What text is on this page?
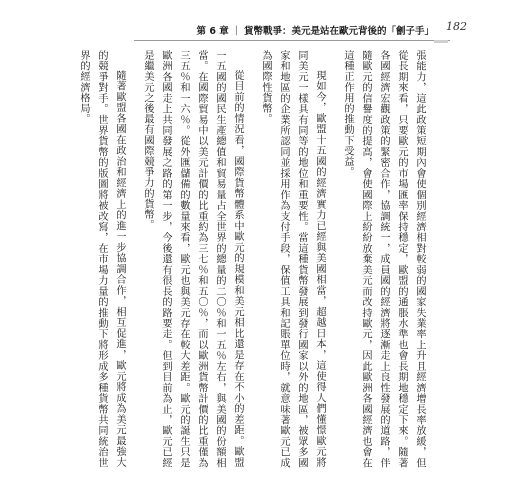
第 6 章 | 貨幣戰爭：美元是站在歐元背後的「劊子手」 182

張能力，這此政策短期內會使個別經濟相對較弱的國家失業率上升且經濟增長率放緩，但從長期來看，只要歐元的市場匯率保持穩定，歐盟的通脹水準也會長期地穩定下來。隨著各國經濟宏觀政策的緊密合作，協調統一，成員國的經濟將逐漸走上良性發展的道路，伴隨歐元的信譽度的提高，會使國際上紛紛放棄美元而改持歐元，因此歐洲各國經濟也會在這種正作用的推動下受益。

現如今，歐盟十五國的經濟實力已經與美國相當，超越日本，這使得人們懂憬歐元將同美元一樣具有同等的地位和重要性。當這種貨幣發展到發行國家以外的地區，被眾多國家和地區的企業所認同並採用作為支付手段，保值工具和記賬單位時，就意味著歐元已成為國際性貨幣。

從目前的情況看，國際貨幣體系中歐元的規模和美元相比還是存在不小的差距。歐盟一五國的國民生產總值和貿易量占全世界的總量的二〇％和一五％左右，與美國的份額相當。在國際貿易中以美元計價的比重約為三七％和五〇％，而以歐洲貨幣計價的比重僅為三五％和一六％。從外匯儲備的數量來看，歐元也與美元存在較大差距。歐元的誕生只是歐洲各國走上共同發展之路的第一步，今後還有很長的路要走。但到目前為止，歐元已經是繼美元之後最有國際競爭力的貨幣。

隨著歐盟各國在政治和經濟上的進一步協調合作，相互促進，歐元將成為美元最強大的競爭對手。世界貨幣的版圖將被改寫，在市場力量的推動下將形成多種貨幣共同統治世界的經濟格局。
